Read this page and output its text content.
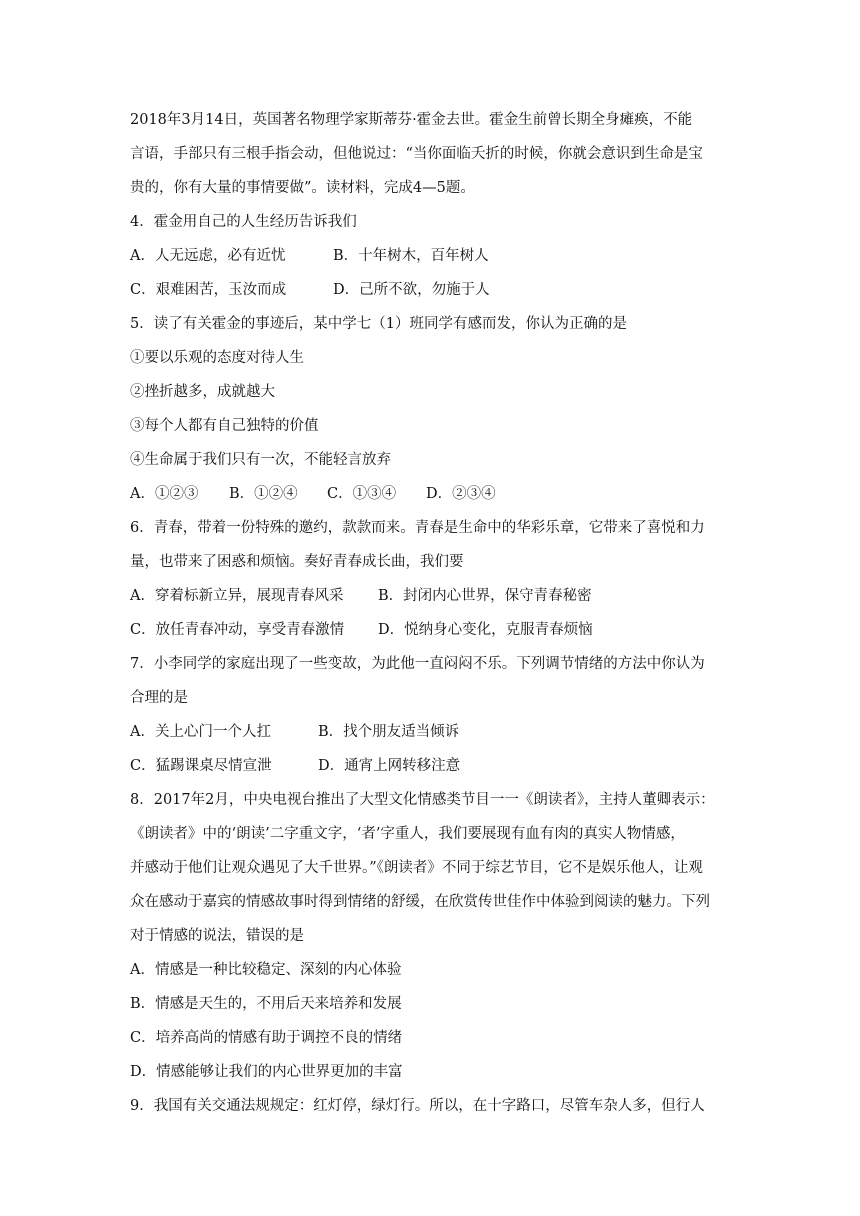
2018年3月14日，英国著名物理学家斯蒂芬·霍金去世。霍金生前曾长期全身瘫痪，不能
言语，手部只有三根手指会动，但他说过：“当你面临夭折的时候，你就会意识到生命是宝
贵的，你有大量的事情要做”。读材料，完成4—5题。
4．霍金用自己的人生经历告诉我们
A．人无远虑，必有近忧	B．十年树木，百年树人
C．艰难困苦，玉汝而成	D．己所不欲，勿施于人
5．读了有关霍金的事迹后，某中学七（1）班同学有感而发，你认为正确的是
①要以乐观的态度对待人生
②挫折越多，成就越大
③每个人都有自己独特的价值
④生命属于我们只有一次，不能轻言放弃
A．①②③ B．①②④ C．①③④ D．②③④
6．青春，带着一份特殊的邀约，款款而来。青春是生命中的华彩乐章，它带来了喜悦和力
量，也带来了困惑和烦恼。奏好青春成长曲，我们要
A．穿着标新立异，展现青春风采 B．封闭内心世界，保守青春秘密
C．放任青春冲动，享受青春激情 D．悦纳身心变化，克服青春烦恼
7．小李同学的家庭出现了一些变故，为此他一直闷闷不乐。下列调节情绪的方法中你认为
合理的是
A．关上心门一个人扛	B．找个朋友适当倾诉
C．猛踢课桌尽情宣泄	D．通宵上网转移注意
8．2017年2月，中央电视台推出了大型文化情感类节目一一《朗读者》，主持人董卿表示：
《朗读者》中的‘朗读’二字重文字，‘者’字重人，我们要展现有血有肉的真实人物情感，
并感动于他们让观众遇见了大千世界。”《朗读者》不同于综艺节目，它不是娱乐他人，让观
众在感动于嘉宾的情感故事时得到情绪的舒缓，在欣赏传世佳作中体验到阅读的魅力。下列
对于情感的说法，错误的是
A．情感是一种比较稳定、深刻的内心体验
B．情感是天生的，不用后天来培养和发展
C．培养高尚的情感有助于调控不良的情绪
D．情感能够让我们的内心世界更加的丰富
9．我国有关交通法规规定：红灯停，绿灯行。所以，在十字路口，尽管车杂人多，但行人
